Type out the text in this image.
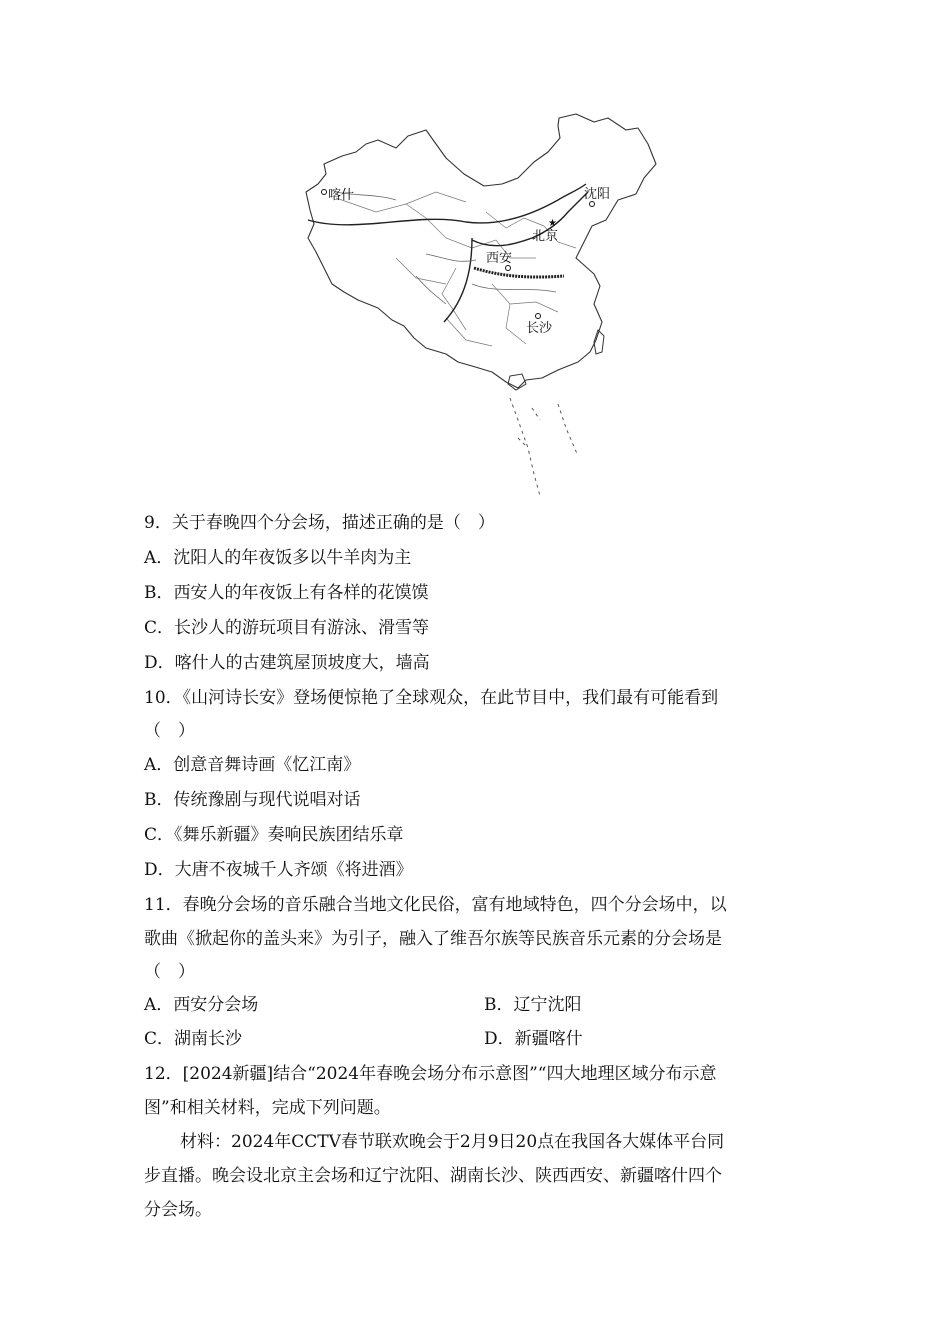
喀什	沈阳
★
北京
西安
长沙
9．关于春晚四个分会场，描述正确的是（　）
A．沈阳人的年夜饭多以牛羊肉为主
B．西安人的年夜饭上有各样的花馍馍
C．长沙人的游玩项目有游泳、滑雪等
D．喀什人的古建筑屋顶坡度大，墙高
10．《山河诗长安》登场便惊艳了全球观众，在此节目中，我们最有可能看到
（　）
A．创意音舞诗画《忆江南》
B．传统豫剧与现代说唱对话
C．《舞乐新疆》奏响民族团结乐章
D．大唐不夜城千人齐颂《将进酒》
11．春晚分会场的音乐融合当地文化民俗，富有地域特色，四个分会场中，以
歌曲《掀起你的盖头来》为引子，融入了维吾尔族等民族音乐元素的分会场是
（　）
A．西安分会场	B．辽宁沈阳
C．湖南长沙	D．新疆喀什
12．[2024新疆]结合“2024年春晚会场分布示意图”“四大地理区域分布示意
图”和相关材料，完成下列问题。
材料：2024年CCTV春节联欢晚会于2月9日20点在我国各大媒体平台同
步直播。晚会设北京主会场和辽宁沈阳、湖南长沙、陕西西安、新疆喀什四个
分会场。
